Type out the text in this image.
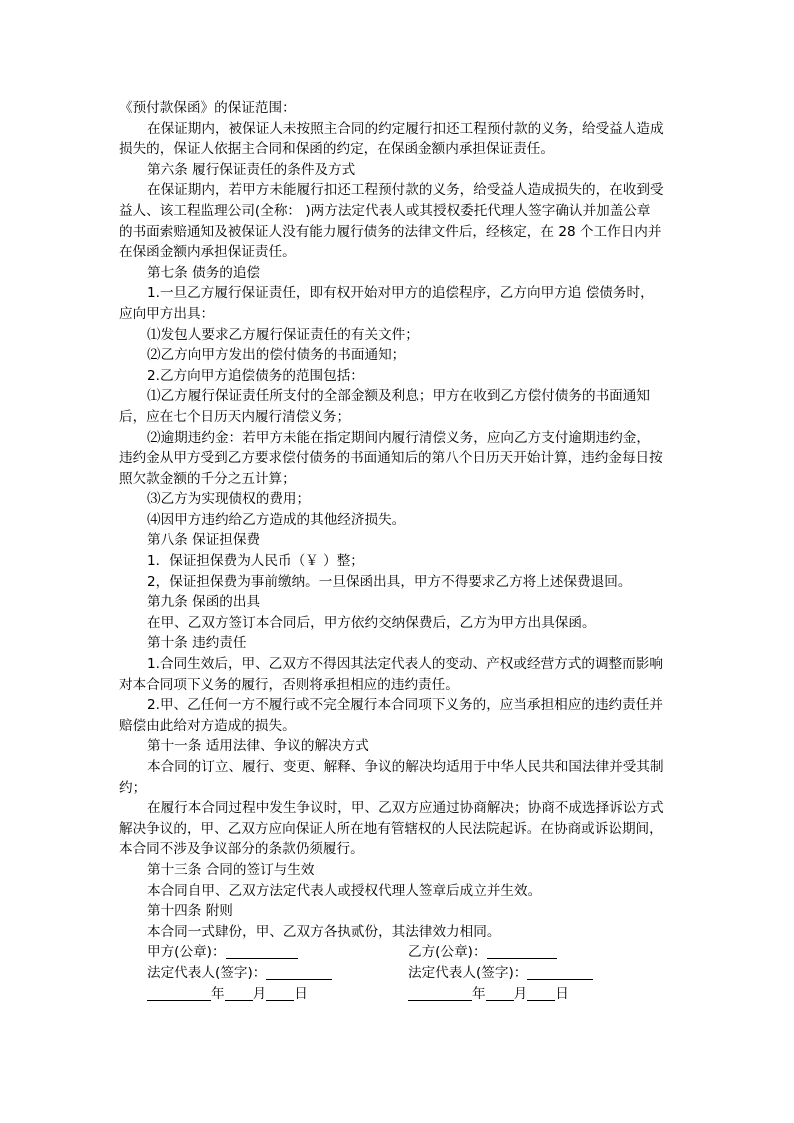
《预付款保函》的保证范围：
在保证期内，被保证人未按照主合同的约定履行扣还工程预付款的义务，给受益人造成
损失的，保证人依据主合同和保函的约定，在保函金额内承担保证责任。
第六条 履行保证责任的条件及方式
在保证期内，若甲方未能履行扣还工程预付款的义务，给受益人造成损失的，在收到受
益人、该工程监理公司(全称： )两方法定代表人或其授权委托代理人签字确认并加盖公章
的书面索赔通知及被保证人没有能力履行债务的法律文件后，经核定，在 28 个工作日内并
在保函金额内承担保证责任。
第七条 债务的追偿
1.一旦乙方履行保证责任，即有权开始对甲方的追偿程序，乙方向甲方追 偿债务时，
应向甲方出具：
⑴发包人要求乙方履行保证责任的有关文件；
⑵乙方向甲方发出的偿付债务的书面通知；
2.乙方向甲方追偿债务的范围包括：
⑴乙方履行保证责任所支付的全部金额及利息；甲方在收到乙方偿付债务的书面通知
后，应在七个日历天内履行清偿义务；
⑵逾期违约金：若甲方未能在指定期间内履行清偿义务，应向乙方支付逾期违约金，
违约金从甲方受到乙方要求偿付债务的书面通知后的第八个日历天开始计算，违约金每日按
照欠款金额的千分之五计算；
⑶乙方为实现债权的费用；
⑷因甲方违约给乙方造成的其他经济损失。
第八条 保证担保费
1．保证担保费为人民币（￥ ）整；
2，保证担保费为事前缴纳。一旦保函出具，甲方不得要求乙方将上述保费退回。
第九条 保函的出具
在甲、乙双方签订本合同后，甲方依约交纳保费后，乙方为甲方出具保函。
第十条 违约责任
1.合同生效后，甲、乙双方不得因其法定代表人的变动、产权或经营方式的调整而影响
对本合同项下义务的履行，否则将承担相应的违约责任。
2.甲、乙任何一方不履行或不完全履行本合同项下义务的，应当承担相应的违约责任并
赔偿由此给对方造成的损失。
第十一条 适用法律、争议的解决方式
本合同的订立、履行、变更、解释、争议的解决均适用于中华人民共和国法律并受其制
约；
在履行本合同过程中发生争议时，甲、乙双方应通过协商解决；协商不成选择诉讼方式
解决争议的，甲、乙双方应向保证人所在地有管辖权的人民法院起诉。在协商或诉讼期间，
本合同不涉及争议部分的条款仍须履行。
第十三条 合同的签订与生效
本合同自甲、乙双方法定代表人或授权代理人签章后成立并生效。
第十四条 附则
本合同一式肆份，甲、乙双方各执贰份，其法律效力相同。
甲方(公章)：	乙方(公章)：
法定代表人(签字)：	法定代表人(签字)：
年 月 日	年 月 日
